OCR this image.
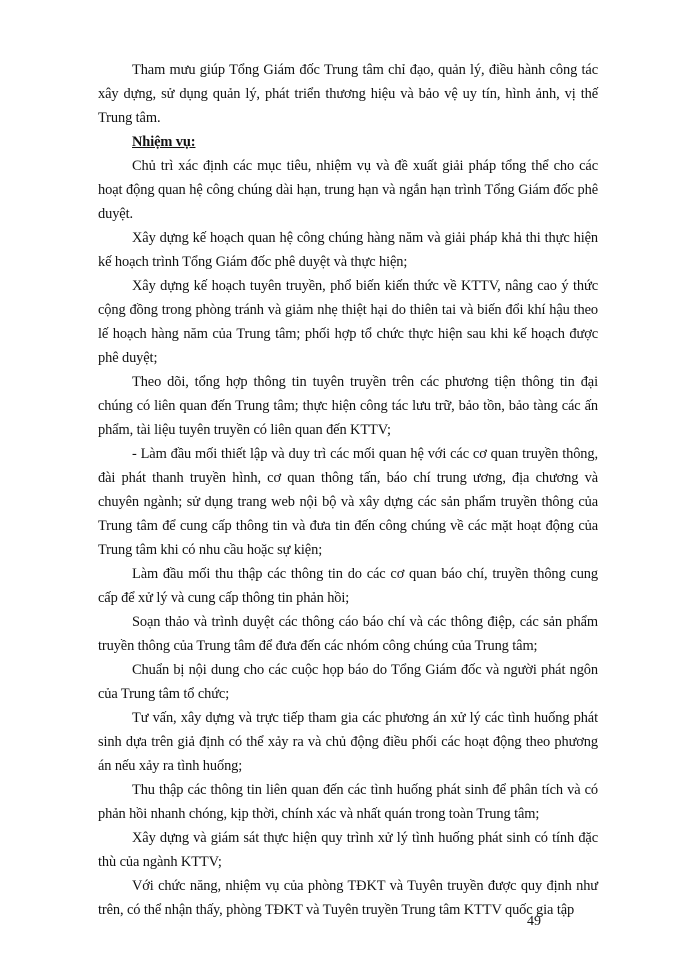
Tham mưu giúp Tổng Giám đốc Trung tâm chỉ đạo, quản lý, điều hành công tác xây dựng, sử dụng quản lý, phát triển thương hiệu và bảo vệ uy tín, hình ảnh, vị thế Trung tâm.

Nhiệm vụ:

Chủ trì xác định các mục tiêu, nhiệm vụ và đề xuất giải pháp tổng thể cho các hoạt động quan hệ công chúng dài hạn, trung hạn và ngắn hạn trình Tổng Giám đốc phê duyệt.

Xây dựng kế hoạch quan hệ công chúng hàng năm và giải pháp khả thi thực hiện kế hoạch trình Tổng Giám đốc phê duyệt và thực hiện;

Xây dựng kế hoạch tuyên truyền, phổ biến kiến thức về KTTV, nâng cao ý thức cộng đồng trong phòng tránh và giảm nhẹ thiệt hại do thiên tai và biến đổi khí hậu theo lế hoạch hàng năm của Trung tâm; phối hợp tổ chức thực hiện sau khi kế hoạch được phê duyệt;

Theo dõi, tổng hợp thông tin tuyên truyền trên các phương tiện thông tin đại chúng có liên quan đến Trung tâm; thực hiện công tác lưu trữ, bảo tồn, bảo tàng các ấn phẩm, tài liệu tuyên truyền có liên quan đến KTTV;

- Làm đầu mối thiết lập và duy trì các mối quan hệ với các cơ quan truyền thông, đài phát thanh truyền hình, cơ quan thông tấn, báo chí trung ương, địa chương và chuyên ngành; sử dụng trang web nội bộ và xây dựng các sản phẩm truyền thông của Trung tâm để cung cấp thông tin và đưa tin đến công chúng về các mặt hoạt động của Trung tâm khi có nhu cầu hoặc sự kiện;

Làm đầu mối thu thập các thông tin do các cơ quan báo chí, truyền thông cung cấp để xử lý và cung cấp thông tin phản hồi;

Soạn thảo và trình duyệt các thông cáo báo chí và các thông điệp, các sản phẩm truyền thông của Trung tâm để đưa đến các nhóm công chúng của Trung tâm;

Chuẩn bị nội dung cho các cuộc họp báo do Tổng Giám đốc và người phát ngôn của Trung tâm tổ chức;

Tư vấn, xây dựng và trực tiếp tham gia các phương án xử lý các tình huống phát sinh dựa trên giả định có thể xảy ra và chủ động điều phối các hoạt động theo phương án nếu xảy ra tình huống;

Thu thập các thông tin liên quan đến các tình huống phát sinh để phân tích và có phản hồi nhanh chóng, kịp thời, chính xác và nhất quán trong toàn Trung tâm;

Xây dựng và giám sát thực hiện quy trình xử lý tình huống phát sinh có tính đặc thù của ngành KTTV;

Với chức năng, nhiệm vụ của phòng TĐKT và Tuyên truyền được quy định như trên, có thể nhận thấy, phòng TĐKT và Tuyên truyền Trung tâm KTTV quốc gia tập

49
